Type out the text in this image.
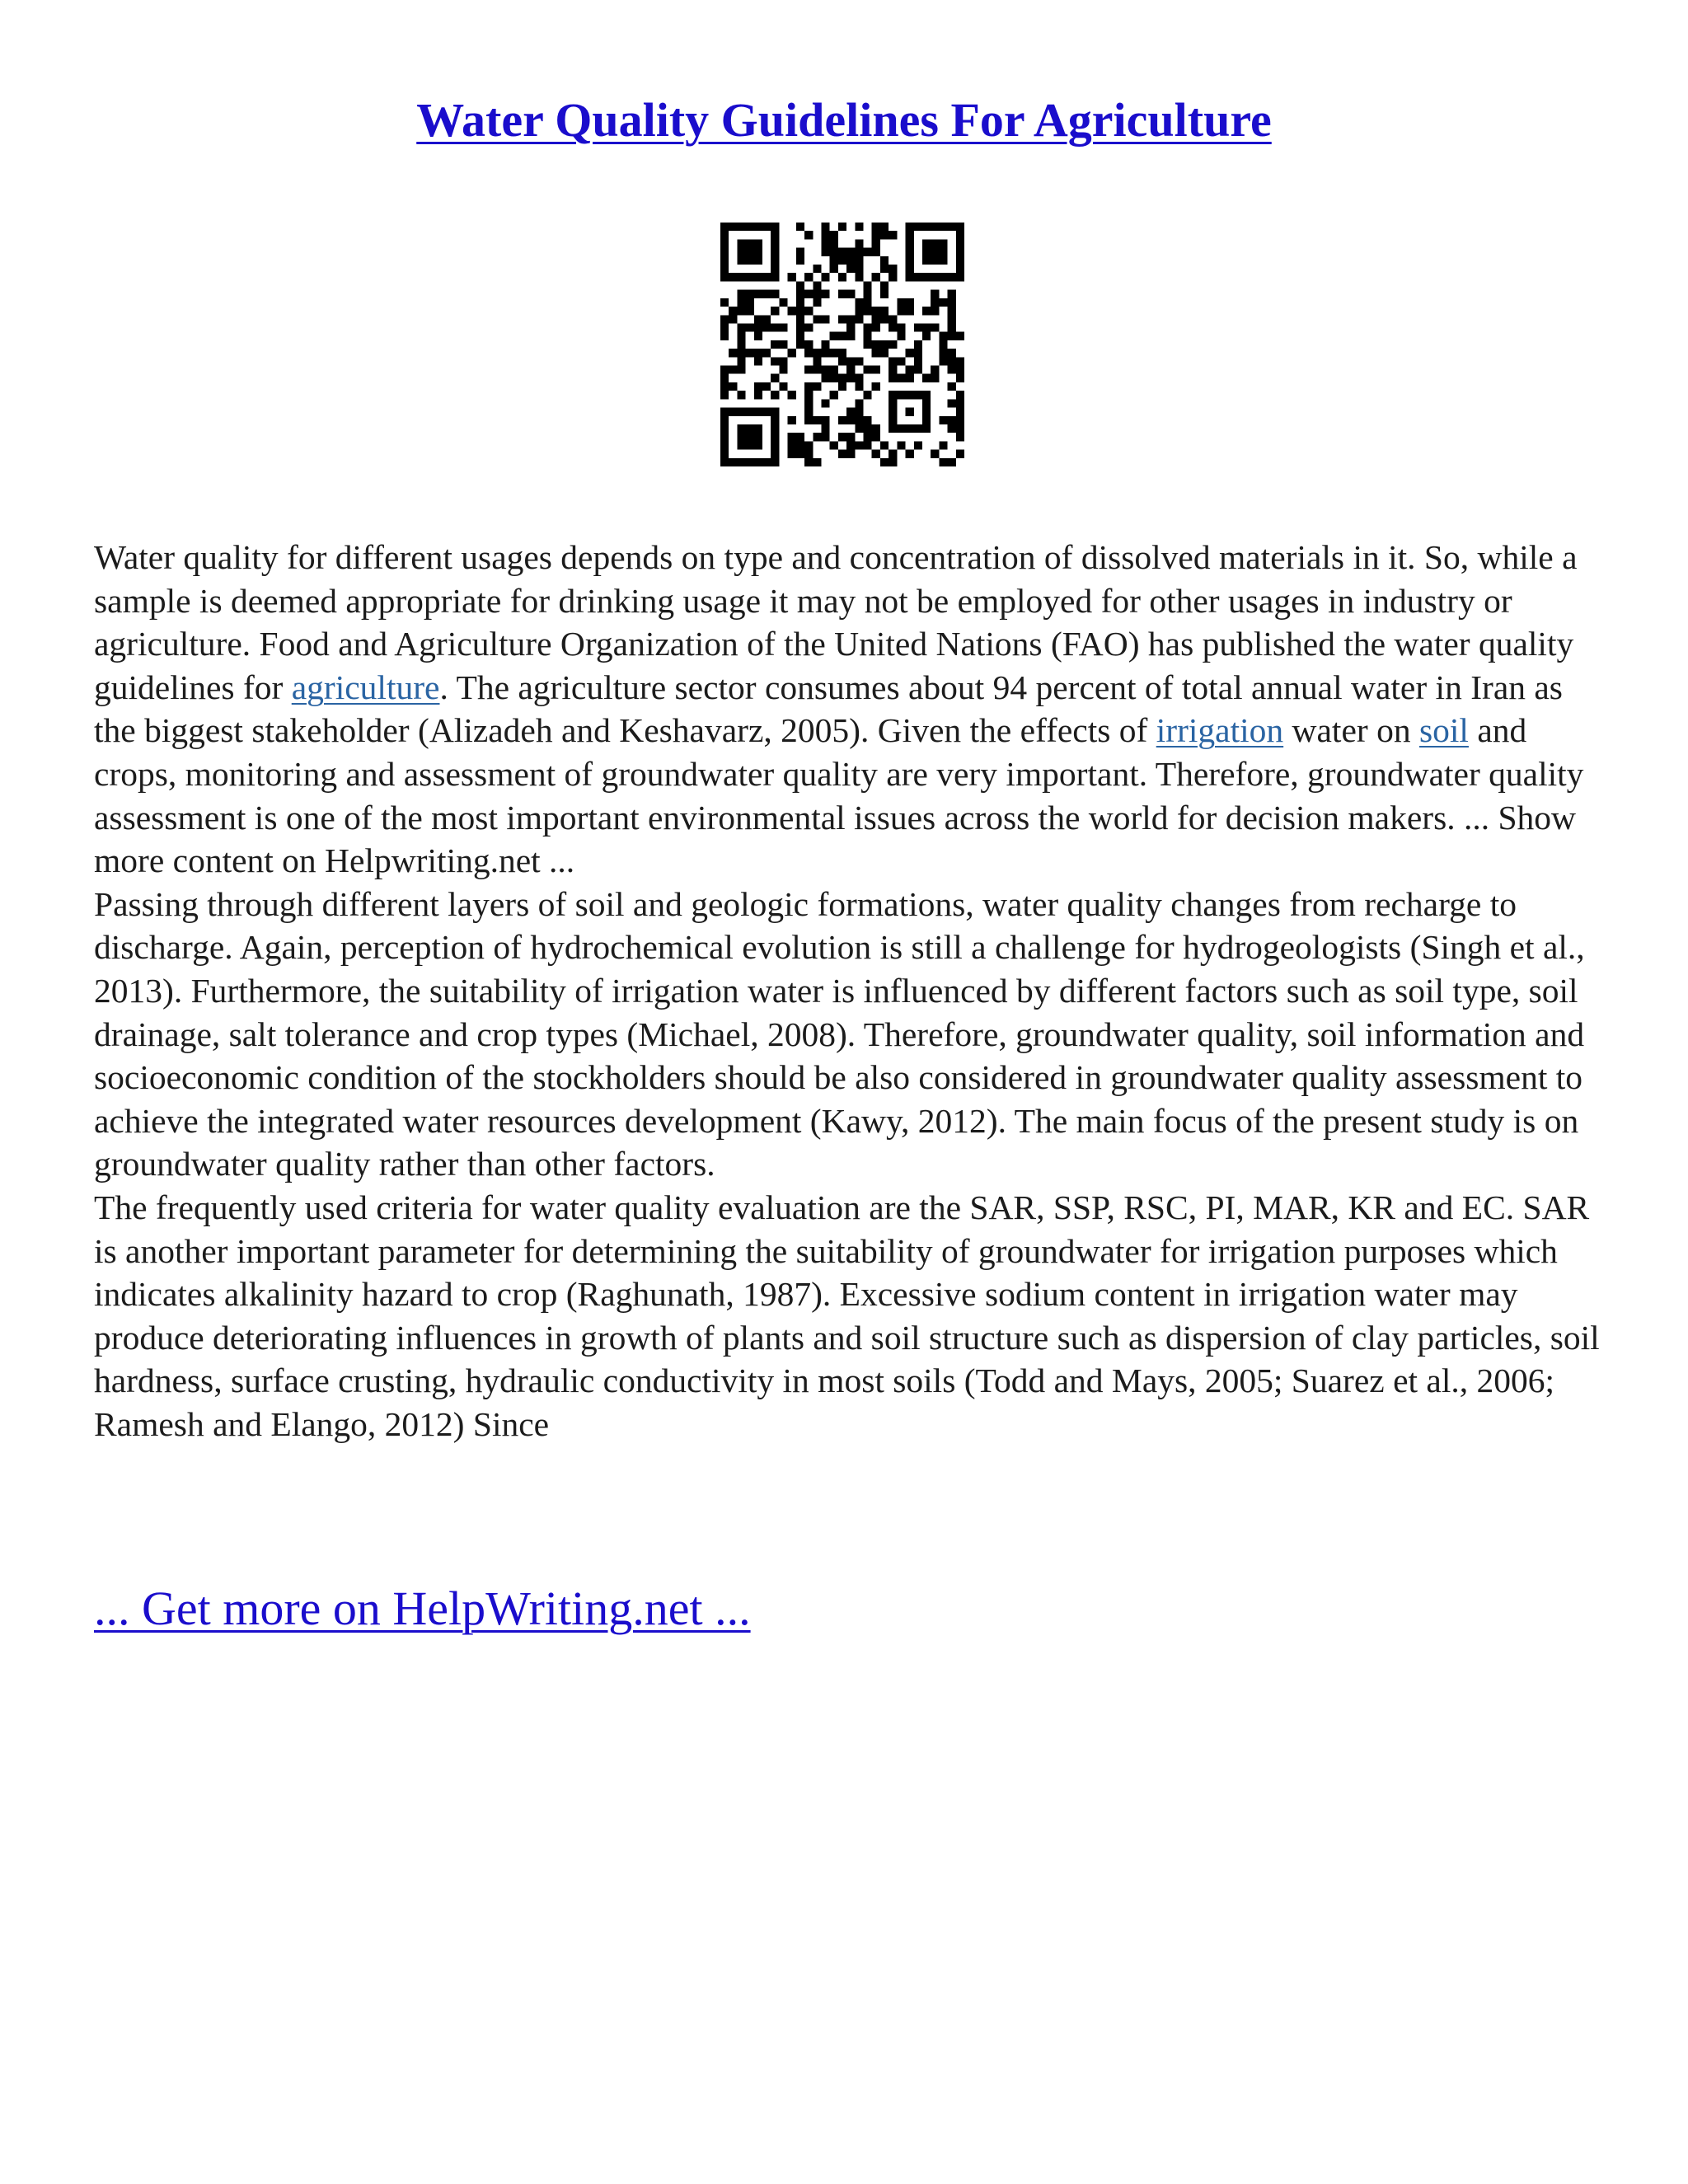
Water Quality Guidelines For Agriculture

Water quality for different usages depends on type and concentration of dissolved materials in it. So, while a sample is deemed appropriate for drinking usage it may not be employed for other usages in industry or agriculture. Food and Agriculture Organization of the United Nations (FAO) has published the water quality guidelines for agriculture. The agriculture sector consumes about 94 percent of total annual water in Iran as the biggest stakeholder (Alizadeh and Keshavarz, 2005). Given the effects of irrigation water on soil and crops, monitoring and assessment of groundwater quality are very important. Therefore, groundwater quality assessment is one of the most important environmental issues across the world for decision makers. ... Show more content on Helpwriting.net ...

Passing through different layers of soil and geologic formations, water quality changes from recharge to discharge. Again, perception of hydrochemical evolution is still a challenge for hydrogeologists (Singh et al., 2013). Furthermore, the suitability of irrigation water is influenced by different factors such as soil type, soil drainage, salt tolerance and crop types (Michael, 2008). Therefore, groundwater quality, soil information and socioeconomic condition of the stockholders should be also considered in groundwater quality assessment to achieve the integrated water resources development (Kawy, 2012). The main focus of the present study is on groundwater quality rather than other factors.

The frequently used criteria for water quality evaluation are the SAR, SSP, RSC, PI, MAR, KR and EC. SAR is another important parameter for determining the suitability of groundwater for irrigation purposes which indicates alkalinity hazard to crop (Raghunath, 1987). Excessive sodium content in irrigation water may produce deteriorating influences in growth of plants and soil structure such as dispersion of clay particles, soil hardness, surface crusting, hydraulic conductivity in most soils (Todd and Mays, 2005; Suarez et al., 2006; Ramesh and Elango, 2012) Since

... Get more on HelpWriting.net ...
